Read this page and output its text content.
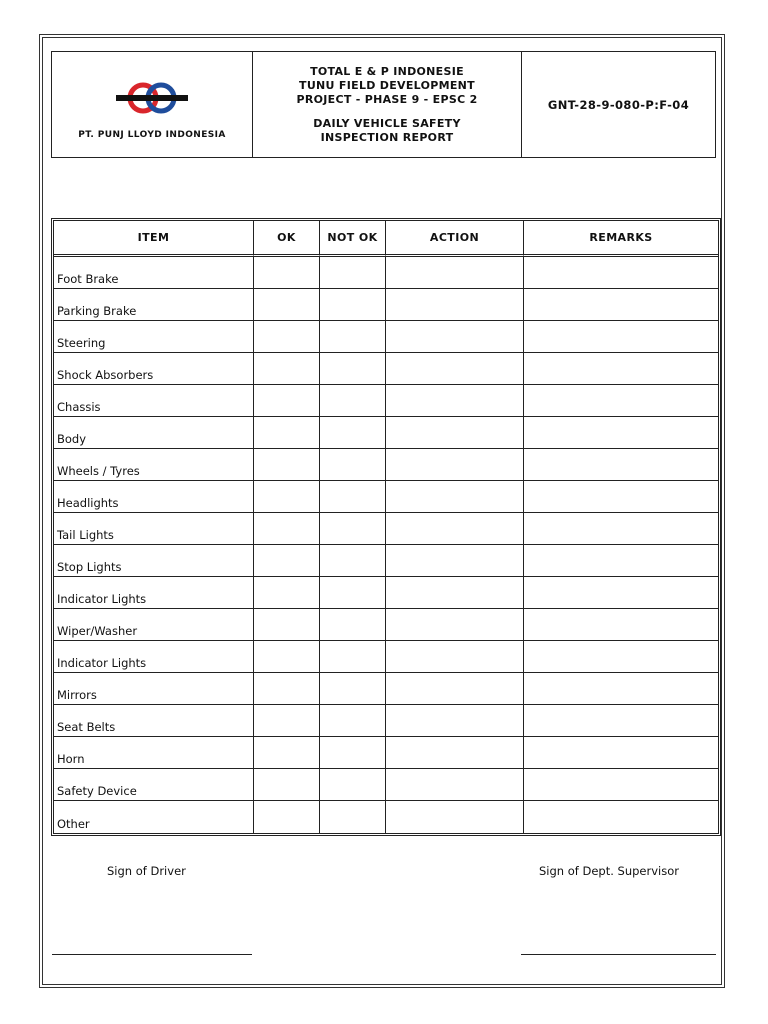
PT. PUNJ LLOYD INDONESIA

TOTAL E & P INDONESIE
TUNU FIELD DEVELOPMENT
PROJECT - PHASE 9 - EPSC 2
DAILY VEHICLE SAFETY
INSPECTION REPORT
	GNT-28-9-080-P:F-04
ITEM	OK	NOT OK	ACTION	REMARKS
Foot Brake				
Parking Brake				
Steering				
Shock Absorbers				
Chassis				
Body				
Wheels / Tyres				
Headlights				
Tail Lights				
Stop Lights				
Indicator Lights				
Wiper/Washer				
Indicator Lights				
Mirrors				
Seat Belts				
Horn				
Safety Device				
Other				
Sign of Driver	Sign of Dept. Supervisor
